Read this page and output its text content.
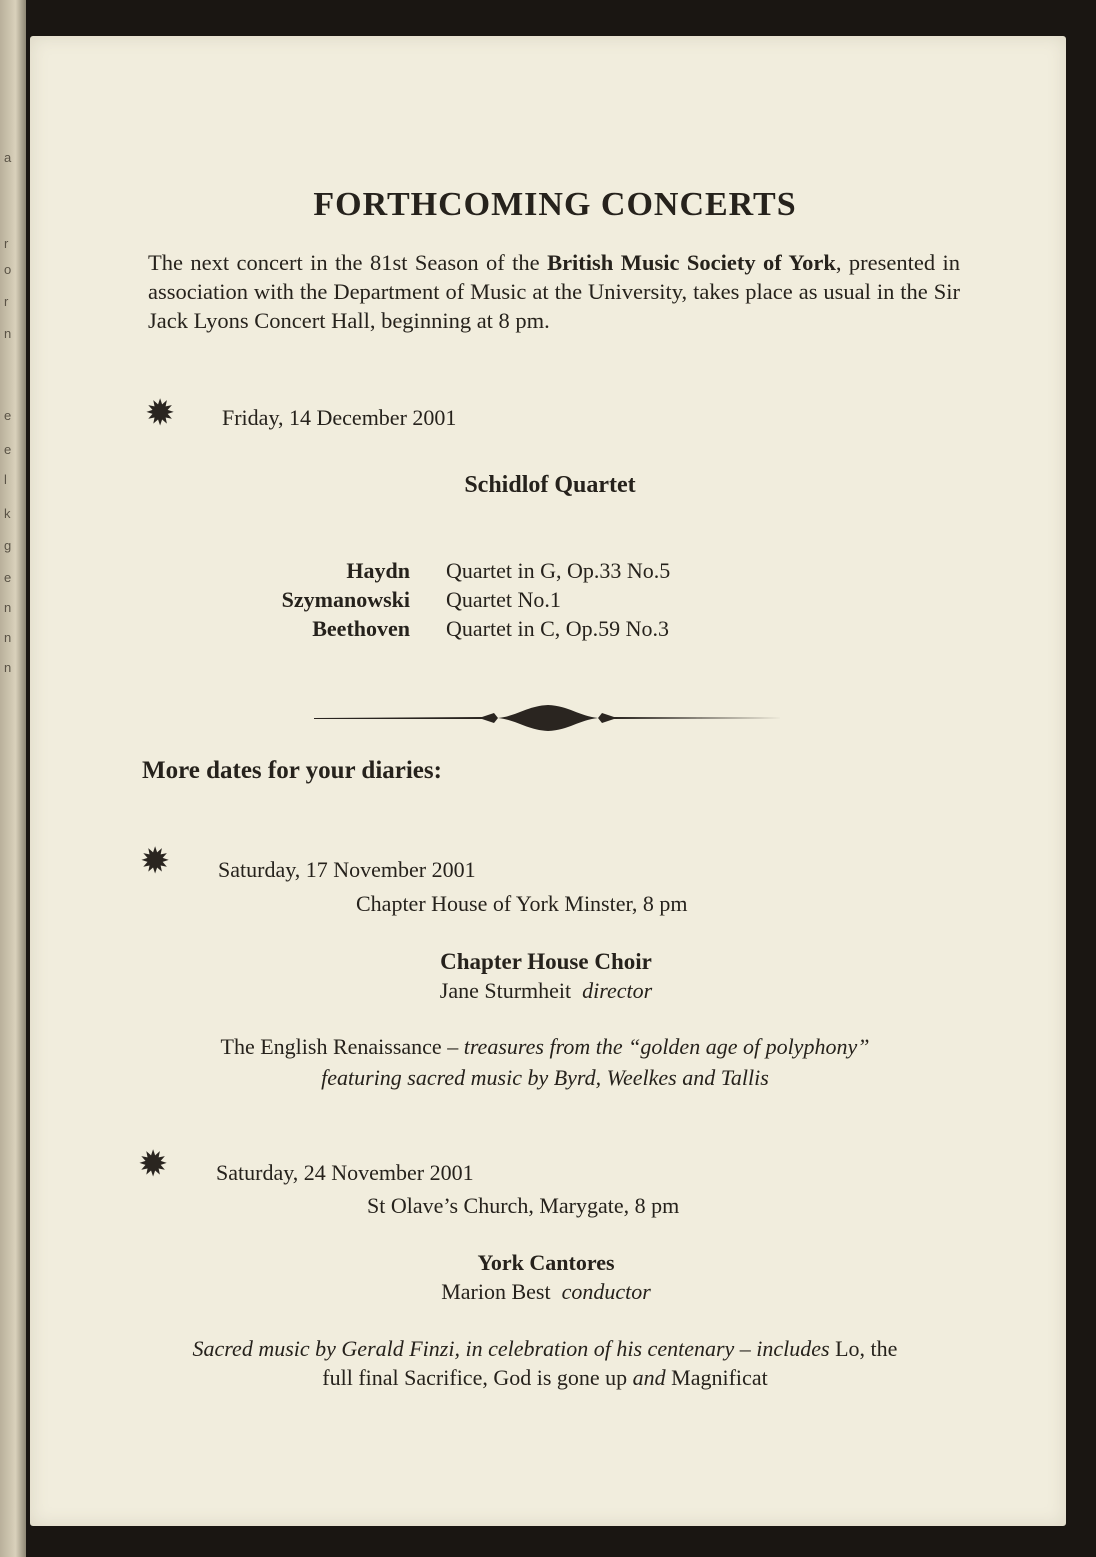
a
r
o
r
n
e
e
l
k
g
e
n
n
n
FORTHCOMING CONCERTS
The next concert in the 81st Season of the British Music Society of York, presented in association with the Department of Music at the University, takes place as usual in the Sir Jack Lyons Concert Hall, beginning at 8 pm.
✹ Friday, 14 December 2001
Schidlof Quartet
Haydn	Quartet in G, Op.33 No.5
Szymanowski	Quartet No.1
Beethoven	Quartet in C, Op.59 No.3
More dates for your diaries:
✹ Saturday, 17 November 2001
Chapter House of York Minster, 8 pm
Chapter House Choir
Jane Sturmheit director
The English Renaissance – treasures from the “golden age of polyphony”
featuring sacred music by Byrd, Weelkes and Tallis
✹ Saturday, 24 November 2001
St Olave’s Church, Marygate, 8 pm
York Cantores
Marion Best conductor
Sacred music by Gerald Finzi, in celebration of his centenary – includes Lo, the
full final Sacrifice, God is gone up and Magnificat
